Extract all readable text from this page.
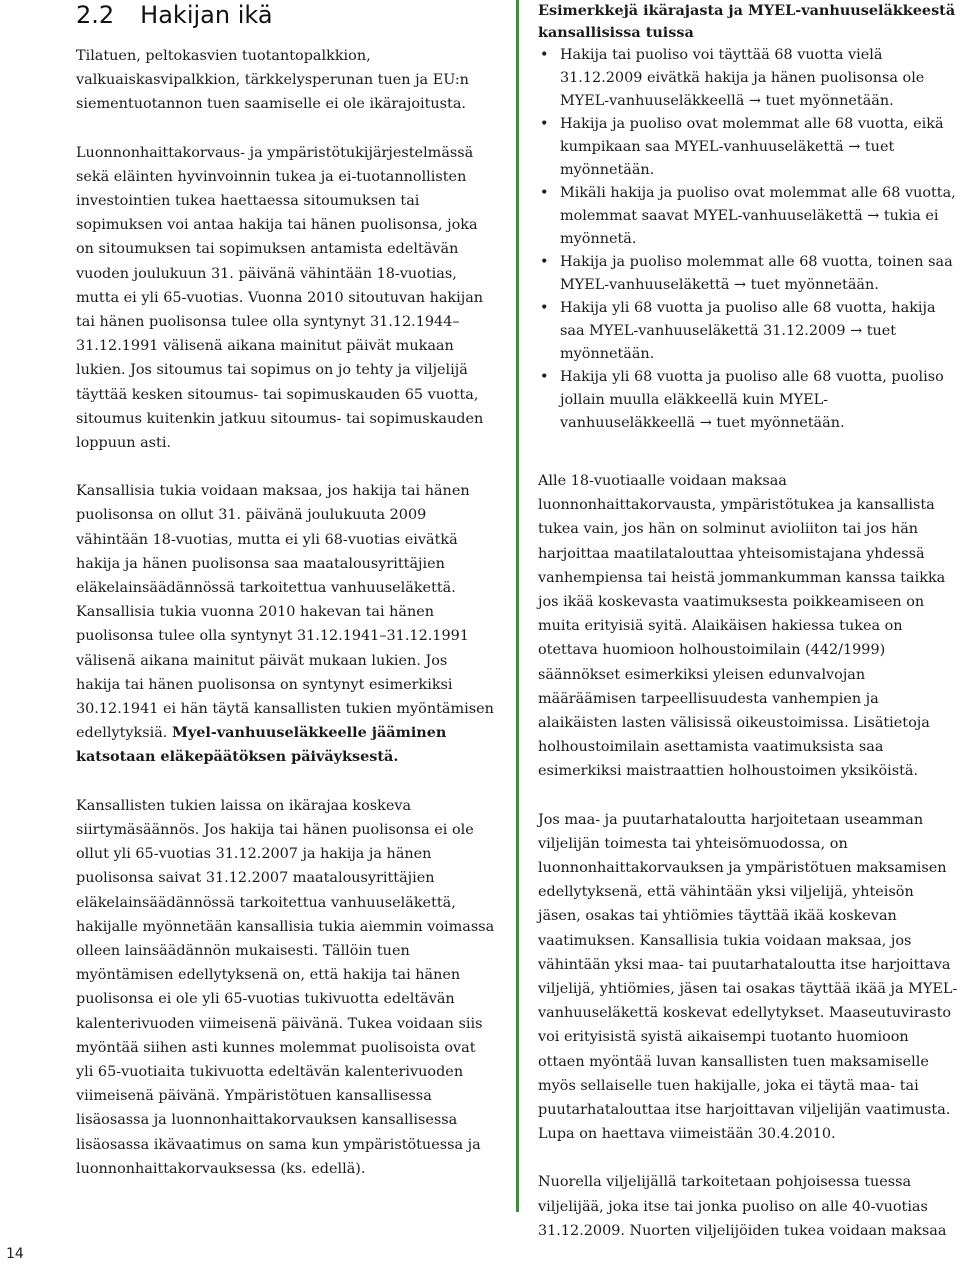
2.2 Hakijan ikä

Tilatuen, peltokasvien tuotantopalkkion, valkuaiskasvipalkkion, tärkkelysperunan tuen ja EU:n siementuotannon tuen saamiselle ei ole ikärajoitusta.

Luonnonhaittakorvaus- ja ympäristötukijärjestelmässä sekä eläinten hyvinvoinnin tukea ja ei-tuotannollisten investointien tukea haettaessa sitoumuksen tai sopimuksen voi antaa hakija tai hänen puolisonsa, joka on sitoumuksen tai sopimuksen antamista edeltävän vuoden joulukuun 31. päivänä vähintään 18-vuotias, mutta ei yli 65-vuotias. Vuonna 2010 sitoutuvan hakijan tai hänen puolisonsa tulee olla syntynyt 31.12.1944–31.12.1991 välisenä aikana mainitut päivät mukaan lukien. Jos sitoumus tai sopimus on jo tehty ja viljelijä täyttää kesken sitoumus- tai sopimuskauden 65 vuotta, sitoumus kuitenkin jatkuu sitoumus- tai sopimuskauden loppuun asti.

Kansallisia tukia voidaan maksaa, jos hakija tai hänen puolisonsa on ollut 31. päivänä joulukuuta 2009 vähintään 18-vuotias, mutta ei yli 68-vuotias eivätkä hakija ja hänen puolisonsa saa maatalousyrittäjien eläkelainsäädännössä tarkoitettua vanhuuseläkettä. Kansallisia tukia vuonna 2010 hakevan tai hänen puolisonsa tulee olla syntynyt 31.12.1941–31.12.1991 välisenä aikana mainitut päivät mukaan lukien. Jos hakija tai hänen puolisonsa on syntynyt esimerkiksi 30.12.1941 ei hän täytä kansallisten tukien myöntämisen edellytyksiä. Myel-vanhuuseläkkeelle jääminen katsotaan eläkepäätöksen päiväyksestä.

Kansallisten tukien laissa on ikärajaa koskeva siirtymäsäännös. Jos hakija tai hänen puolisonsa ei ole ollut yli 65-vuotias 31.12.2007 ja hakija ja hänen puolisonsa saivat 31.12.2007 maatalousyrittäjien eläkelainsäädännössä tarkoitettua vanhuuseläkettä, hakijalle myönnetään kansallisia tukia aiemmin voimassa olleen lainsäädännön mukaisesti. Tällöin tuen myöntämisen edellytyksenä on, että hakija tai hänen puolisonsa ei ole yli 65-vuotias tukivuotta edeltävän kalenterivuoden viimeisenä päivänä. Tukea voidaan siis myöntää siihen asti kunnes molemmat puolisoista ovat yli 65-vuotiaita tukivuotta edeltävän kalenterivuoden viimeisenä päivänä. Ympäristötuen kansallisessa lisäosassa ja luonnonhaittakorvauksen kansallisessa lisäosassa ikävaatimus on sama kun ympäristötuessa ja luonnonhaittakorvauksessa (ks. edellä).

Esimerkkejä ikärajasta ja MYEL-vanhuuseläkkeestä kansallisissa tuissa

• Hakija tai puoliso voi täyttää 68 vuotta vielä 31.12.2009 eivätkä hakija ja hänen puolisonsa ole MYEL-vanhuuseläkkeellä → tuet myönnetään.
• Hakija ja puoliso ovat molemmat alle 68 vuotta, eikä kumpikaan saa MYEL-vanhuuseläkettä → tuet myönnetään.
• Mikäli hakija ja puoliso ovat molemmat alle 68 vuotta, molemmat saavat MYEL-vanhuuseläkettä → tukia ei myönnetä.
• Hakija ja puoliso molemmat alle 68 vuotta, toinen saa MYEL-vanhuuseläkettä → tuet myönnetään.
• Hakija yli 68 vuotta ja puoliso alle 68 vuotta, hakija saa MYEL-vanhuuseläkettä 31.12.2009 → tuet myönnetään.
• Hakija yli 68 vuotta ja puoliso alle 68 vuotta, puoliso jollain muulla eläkkeellä kuin MYEL-vanhuuseläkkeellä → tuet myönnetään.

Alle 18-vuotiaalle voidaan maksaa luonnonhaittakorvausta, ympäristötukea ja kansallista tukea vain, jos hän on solminut avioliiton tai jos hän harjoittaa maatilatalouttaa yhteisomistajana yhdessä vanhempiensa tai heistä jommankumman kanssa taikka jos ikää koskevasta vaatimuksesta poikkeamiseen on muita erityisiä syitä. Alaikäisen hakiessa tukea on otettava huomioon holhoustoimilain (442/1999) säännökset esimerkiksi yleisen edunvalvojan määräämisen tarpeellisuudesta vanhempien ja alaikäisten lasten välisissä oikeustoimissa. Lisätietoja holhoustoimilain asettamista vaatimuksista saa esimerkiksi maistraattien holhoustoimen yksiköistä.

Jos maa- ja puutarhataloutta harjoitetaan useamman viljelijän toimesta tai yhteisömuodossa, on luonnonhaittakorvauksen ja ympäristötuen maksamisen edellytyksenä, että vähintään yksi viljelijä, yhteisön jäsen, osakas tai yhtiömies täyttää ikää koskevan vaatimuksen. Kansallisia tukia voidaan maksaa, jos vähintään yksi maa- tai puutarhataloutta itse harjoittava viljelijä, yhtiömies, jäsen tai osakas täyttää ikää ja MYEL- vanhuuseläkettä koskevat edellytykset. Maaseutuvirasto voi erityisistä syistä aikaisempi tuotanto huomioon ottaen myöntää luvan kansallisten tuen maksamiselle myös sellaiselle tuen hakijalle, joka ei täytä maa- tai puutarhatalouttaa itse harjoittavan viljelijän vaatimusta. Lupa on haettava viimeistään 30.4.2010.

Nuorella viljelijällä tarkoitetaan pohjoisessa tuessa viljelijää, joka itse tai jonka puoliso on alle 40-vuotias 31.12.2009. Nuorten viljelijöiden tukea voidaan maksaa

14
